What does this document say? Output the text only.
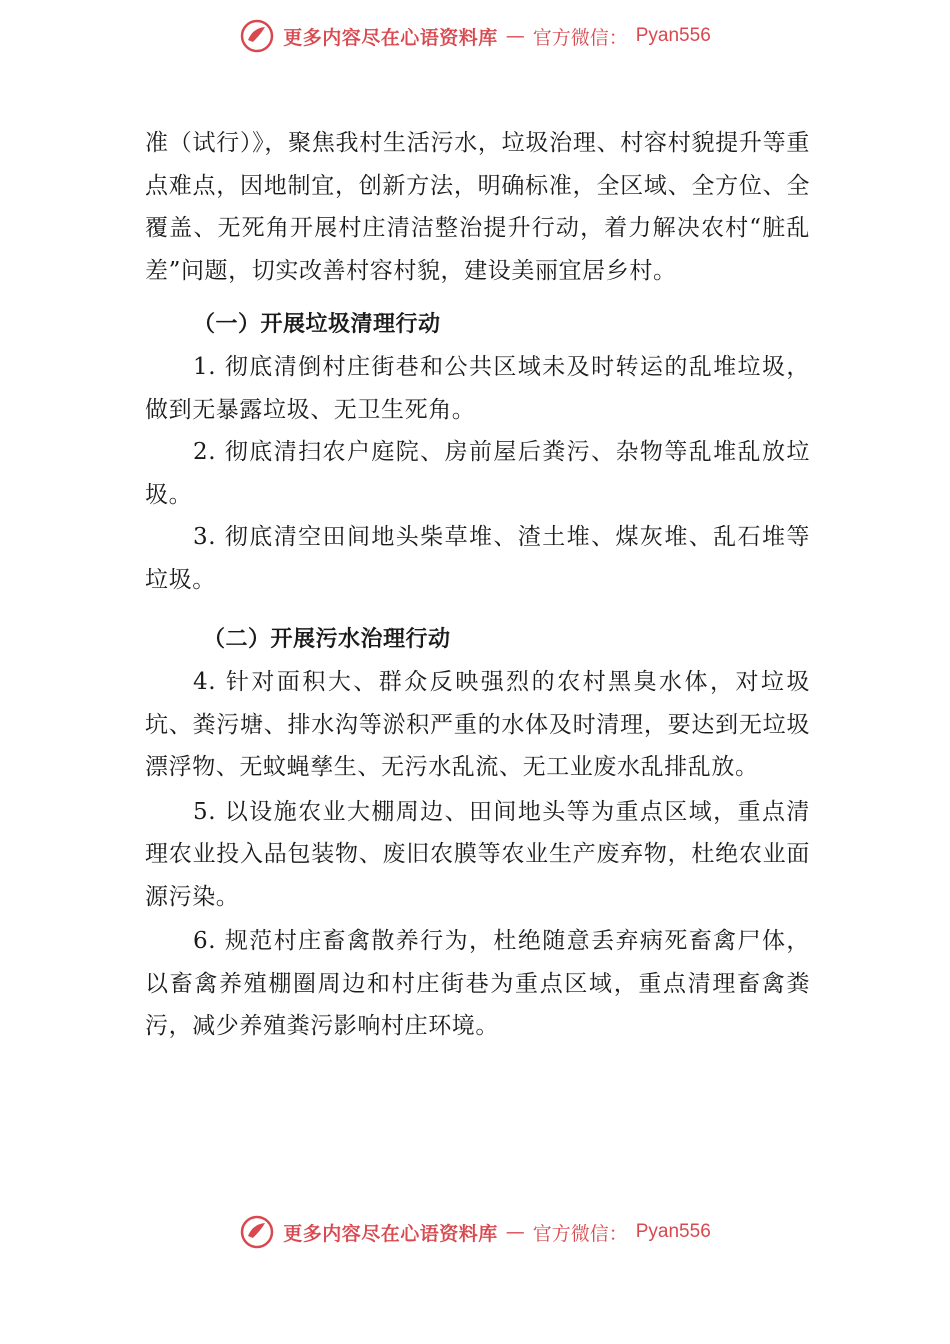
更多内容尽在心语资料库 — 官方微信： Pyan556

准（试行）》，聚焦我村生活污水，垃圾治理、村容村貌提升等重点难点，因地制宜，创新方法，明确标准，全区域、全方位、全覆盖、无死角开展村庄清洁整治提升行动，着力解决农村“脏乱差”问题，切实改善村容村貌，建设美丽宜居乡村。

（一）开展垃圾清理行动

1. 彻底清倒村庄街巷和公共区域未及时转运的乱堆垃圾，做到无暴露垃圾、无卫生死角。

2. 彻底清扫农户庭院、房前屋后粪污、杂物等乱堆乱放垃圾。

3. 彻底清空田间地头柴草堆、渣土堆、煤灰堆、乱石堆等垃圾。

（二）开展污水治理行动

4. 针对面积大、群众反映强烈的农村黑臭水体，对垃圾坑、粪污塘、排水沟等淤积严重的水体及时清理，要达到无垃圾漂浮物、无蚊蝇孳生、无污水乱流、无工业废水乱排乱放。

5. 以设施农业大棚周边、田间地头等为重点区域，重点清理农业投入品包装物、废旧农膜等农业生产废弃物，杜绝农业面源污染。

6. 规范村庄畜禽散养行为，杜绝随意丢弃病死畜禽尸体，以畜禽养殖棚圈周边和村庄街巷为重点区域，重点清理畜禽粪污，减少养殖粪污影响村庄环境。

更多内容尽在心语资料库 — 官方微信： Pyan556
